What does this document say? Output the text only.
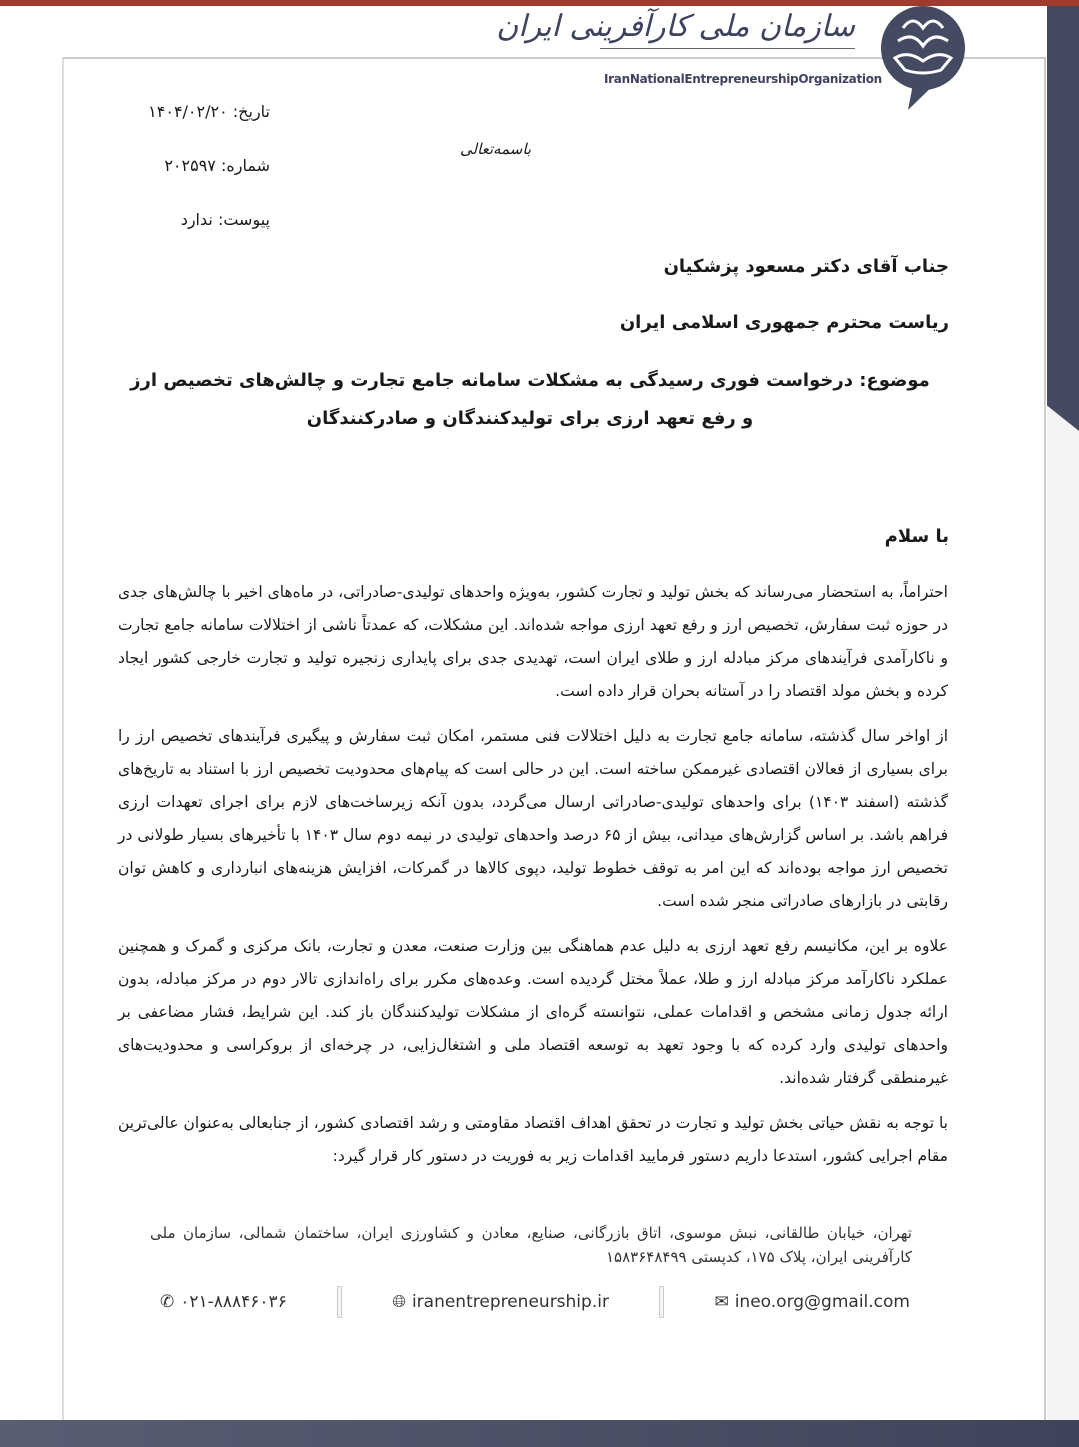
سازمان ملی کارآفرینی ایران
IranNationalEntrepreneurshipOrganization
تاریخ: ۱۴۰۴/۰۲/۲۰
شماره: ۲۰۲۵۹۷
پیوست: ندارد
باسمه‌تعالی
جناب آقای دکتر مسعود پزشکیان
ریاست محترم جمهوری اسلامی ایران
موضوع: درخواست فوری رسیدگی به مشکلات سامانه جامع تجارت و چالش‌های تخصیص ارز و رفع تعهد ارزی برای تولیدکنندگان و صادرکنندگان
با سلام

احتراماً، به استحضار می‌رساند که بخش تولید و تجارت کشور، به‌ویژه واحدهای تولیدی-صادراتی، در ماه‌های اخیر با چالش‌های جدی در حوزه ثبت سفارش، تخصیص ارز و رفع تعهد ارزی مواجه شده‌اند. این مشکلات، که عمدتاً ناشی از اختلالات سامانه جامع تجارت و ناکارآمدی فرآیندهای مرکز مبادله ارز و طلای ایران است، تهدیدی جدی برای پایداری زنجیره تولید و تجارت خارجی کشور ایجاد کرده و بخش مولد اقتصاد را در آستانه بحران قرار داده است.

از اواخر سال گذشته، سامانه جامع تجارت به دلیل اختلالات فنی مستمر، امکان ثبت سفارش و پیگیری فرآیندهای تخصیص ارز را برای بسیاری از فعالان اقتصادی غیرممکن ساخته است. این در حالی است که پیام‌های محدودیت تخصیص ارز با استناد به تاریخ‌های گذشته (اسفند ۱۴۰۳) برای واحدهای تولیدی-صادراتی ارسال می‌گردد، بدون آنکه زیرساخت‌های لازم برای اجرای تعهدات ارزی فراهم باشد. بر اساس گزارش‌های میدانی، بیش از ۶۵ درصد واحدهای تولیدی در نیمه دوم سال ۱۴۰۳ با تأخیرهای بسیار طولانی در تخصیص ارز مواجه بوده‌اند که این امر به توقف خطوط تولید، دپوی کالاها در گمرکات، افزایش هزینه‌های انبارداری و کاهش توان رقابتی در بازارهای صادراتی منجر شده است.

علاوه بر این، مکانیسم رفع تعهد ارزی به دلیل عدم هماهنگی بین وزارت صنعت، معدن و تجارت، بانک مرکزی و گمرک و همچنین عملکرد ناکارآمد مرکز مبادله ارز و طلا، عملاً مختل گردیده است. وعده‌های مکرر برای راه‌اندازی تالار دوم در مرکز مبادله، بدون ارائه جدول زمانی مشخص و اقدامات عملی، نتوانسته گره‌ای از مشکلات تولیدکنندگان باز کند. این شرایط، فشار مضاعفی بر واحدهای تولیدی وارد کرده که با وجود تعهد به توسعه اقتصاد ملی و اشتغال‌زایی، در چرخه‌ای از بروکراسی و محدودیت‌های غیرمنطقی گرفتار شده‌اند.

با توجه به نقش حیاتی بخش تولید و تجارت در تحقق اهداف اقتصاد مقاومتی و رشد اقتصادی کشور، از جنابعالی به‌عنوان عالی‌ترین مقام اجرایی کشور، استدعا داریم دستور فرمایید اقدامات زیر به فوریت در دستور کار قرار گیرد:

تهران، خیابان طالقانی، نبش موسوی، اتاق بازرگانی، صنایع، معادن و کشاورزی ایران، ساختمان شمالی، سازمان ملی کارآفرینی ایران، پلاک ۱۷۵، کدپستی ۱۵۸۳۶۴۸۴۹۹
✆ ۰۲۱-۸۸۸۴۶۰۳۶	🌐︎ iranentrepreneurship.ir	✉ ineo.org@gmail.com
